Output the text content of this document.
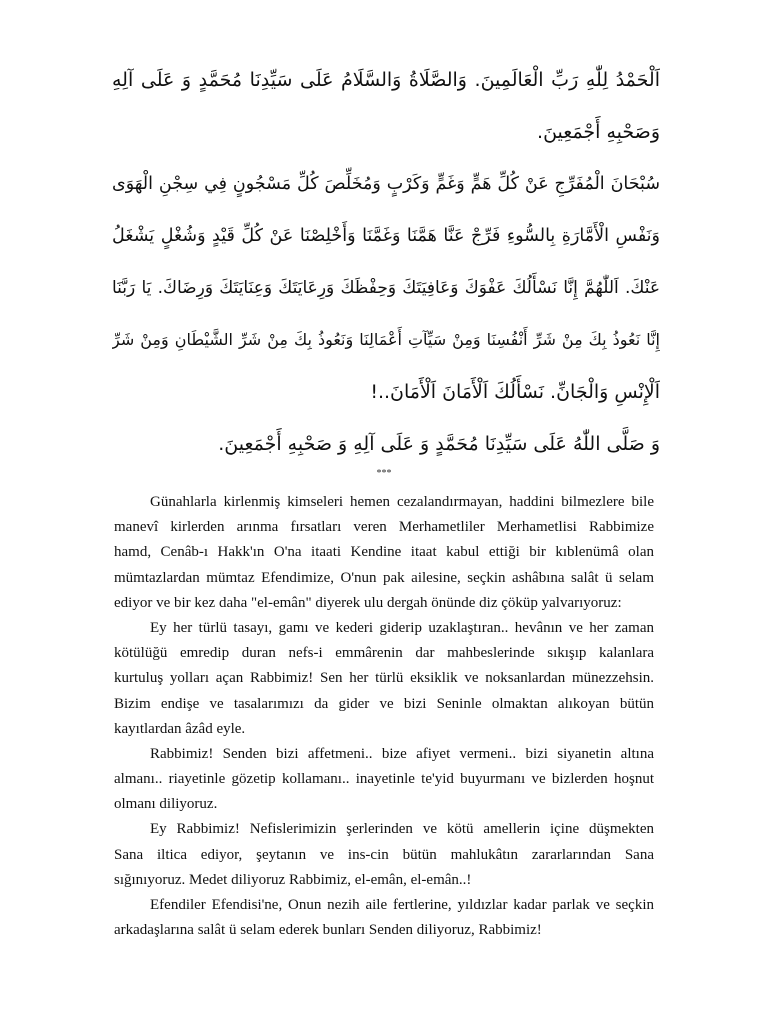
اَلْحَمْدُ لِلّٰهِ رَبِّ الْعَالَمِينَ. وَالصَّلَاةُ وَالسَّلَامُ عَلَى سَيِّدِنَا مُحَمَّدٍ وَ عَلَى آلِهِ
وَصَحْبِهِ أَجْمَعِينَ.
سُبْحَانَ الْمُفَرِّجِ عَنْ كُلِّ هَمٍّ وَغَمٍّ وَكَرْبٍ وَمُخَلِّصَ كُلِّ مَسْجُونٍ فِي سِجْنِ الْهَوَى
وَنَفْسِ الْأَمَّارَةِ بِالسُّوءِ فَرِّجْ عَنَّا هَمَّنَا وَغَمَّنَا وَأَخْلِصْنَا عَنْ كُلِّ قَيْدٍ وَشُغْلٍ يَشْغَلُ
عَنْكَ. اَللّٰهُمَّ إِنَّا نَسْأَلُكَ عَفْوَكَ وَعَافِيَتَكَ وَحِفْظَكَ وَرِعَايَتَكَ وَعِنَايَتَكَ وَرِضَاكَ. يَا رَبَّنَا
إِنَّا نَعُوذُ بِكَ مِنْ شَرِّ أَنْفُسِنَا وَمِنْ سَيِّآتِ أَعْمَالِنَا وَنَعُوذُ بِكَ مِنْ شَرِّ الشَّيْطَانِ وَمِنْ شَرِّ
اَلْإِنْسِ وَالْجَانِّ. نَسْأَلُكَ اَلْأَمَانَ اَلْأَمَانَ..!
وَ صَلَّى اللّٰهُ عَلَى سَيِّدِنَا مُحَمَّدٍ وَ عَلَى آلِهِ وَ صَحْبِهِ أَجْمَعِينَ.
***
Günahlarla kirlenmiş kimseleri hemen cezalandırmayan, haddini bilmezlere bile
manevî kirlerden arınma fırsatları veren Merhametliler Merhametlisi Rabbimize
hamd, Cenâb-ı Hakk'ın O'na itaati Kendine itaat kabul ettiği bir kıblenümâ olan
mümtazlardan mümtaz Efendimize, O'nun pak ailesine, seçkin ashâbına salât ü selam
ediyor ve bir kez daha "el-emân" diyerek ulu dergah önünde diz çöküp yalvarıyoruz:
Ey her türlü tasayı, gamı ve kederi giderip uzaklaştıran.. hevânın ve her zaman
kötülüğü emredip duran nefs-i emmârenin dar mahbeslerinde sıkışıp kalanlara
kurtuluş yolları açan Rabbimiz! Sen her türlü eksiklik ve noksanlardan münezzehsin.
Bizim endişe ve tasalarımızı da gider ve bizi Seninle olmaktan alıkoyan bütün
kayıtlardan âzâd eyle.
Rabbimiz! Senden bizi affetmeni.. bize afiyet vermeni.. bizi siyanetin altına
almanı.. riayetinle gözetip kollamanı.. inayetinle te'yid buyurmanı ve bizlerden hoşnut
olmanı diliyoruz.
Ey Rabbimiz! Nefislerimizin şerlerinden ve kötü amellerin içine düşmekten
Sana iltica ediyor, şeytanın ve ins-cin bütün mahlukâtın zararlarından Sana
sığınıyoruz. Medet diliyoruz Rabbimiz, el-emân, el-emân..!
Efendiler Efendisi'ne, Onun nezih aile fertlerine, yıldızlar kadar parlak ve seçkin
arkadaşlarına salât ü selam ederek bunları Senden diliyoruz, Rabbimiz!
